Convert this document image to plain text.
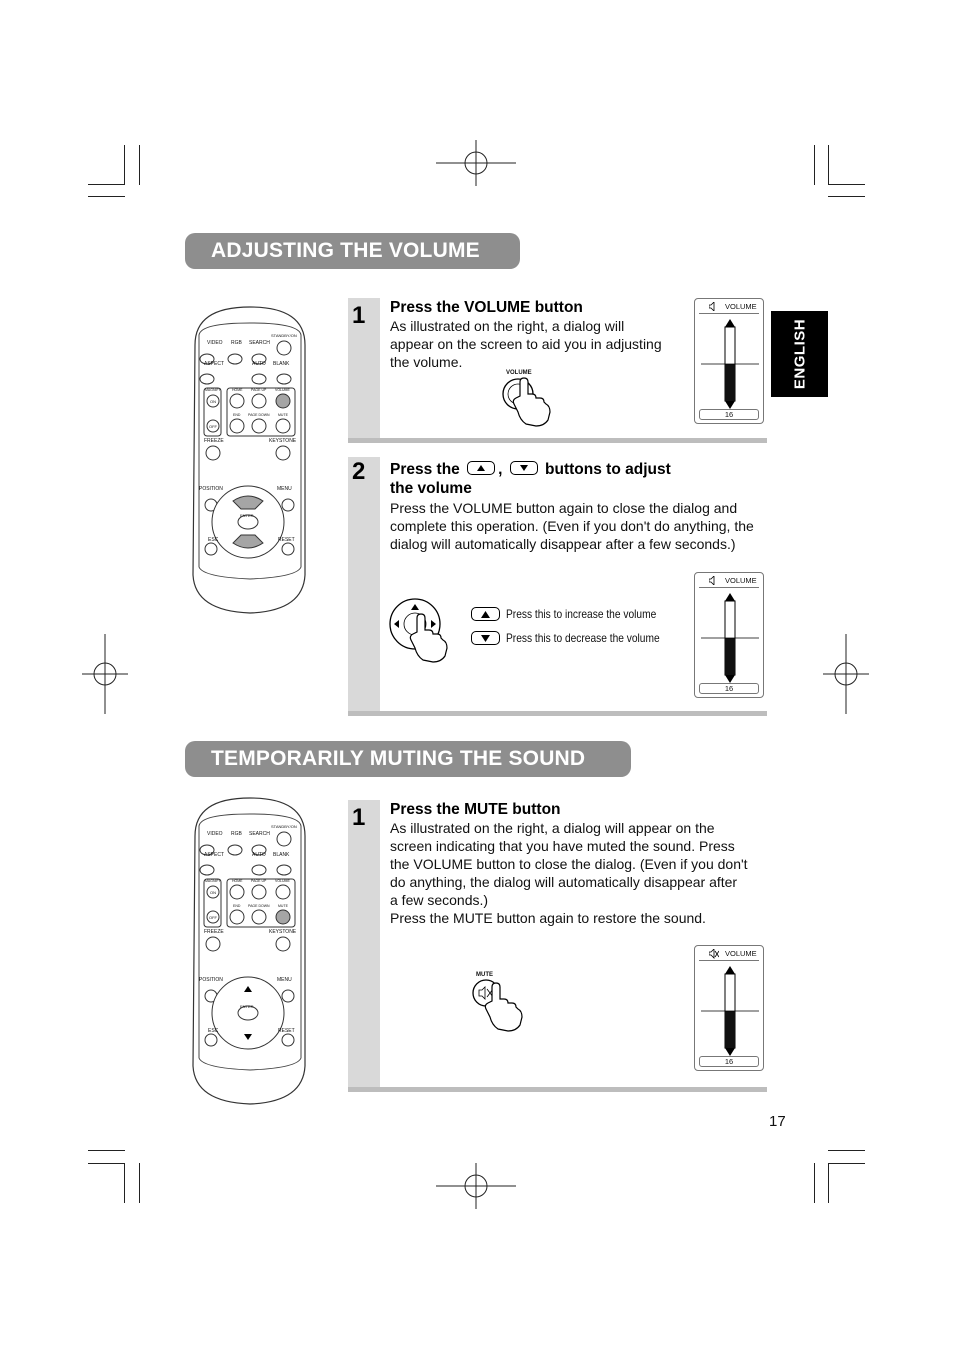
ADJUSTING THE VOLUME
ENGLISH
STANDBY/ON
VIDEO RGB SEARCH
ASPECT	AUTO BLANK
MAGNIFY	HOME PAGE UP VOLUME
ON
END PAGE DOWN MUTE
OFF
FREEZE	KEYSTONE
POSITION	MENU
ENTER
ESC	RESET
1 Press the VOLUME button
As illustrated on the right, a dialog will
appear on the screen to aid you in adjusting
the volume.
VOLUME
VOLUME
16
2 Press the ,	buttons to adjust
the volume
Press the VOLUME button again to close the dialog and
complete this operation. (Even if you don't do anything, the
dialog will automatically disappear after a few seconds.)
Press this to increase the volume
Press this to decrease the volume
VOLUME
16
TEMPORARILY MUTING THE SOUND
STANDBY/ON
VIDEO RGB SEARCH
ASPECT	AUTO BLANK
MAGNIFY	HOME PAGE UP VOLUME
ON
END PAGE DOWN MUTE
OFF
FREEZE	KEYSTONE
POSITION	MENU
ENTER
ESC	RESET
1 Press the MUTE button
As illustrated on the right, a dialog will appear on the
screen indicating that you have muted the sound. Press
the VOLUME button to close the dialog. (Even if you don't
do anything, the dialog will automatically disappear after
a few seconds.)
Press the MUTE button again to restore the sound.
MUTE
VOLUME
16
17
